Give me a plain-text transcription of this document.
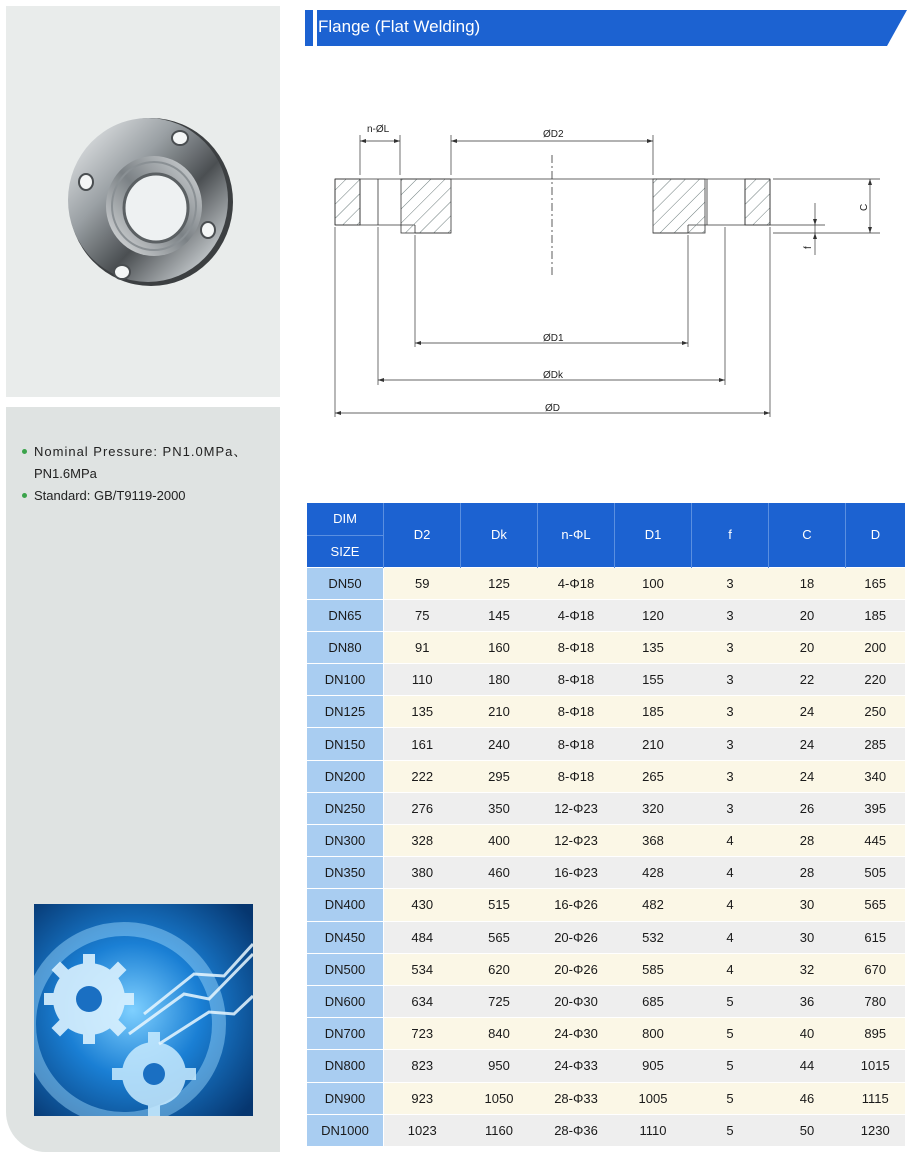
Flange (Flat Welding)
n-ØL	ØD2
ØD1
ØDk
ØD
C
f
Nominal Pressure: PN1.0MPa、
PN1.6MPa
Standard: GB/T9119-2000
DIM	D2	Dk	n-ΦL	D1	f	C	D
SIZE							
DN50	59	125	4-Φ18	100	3	18	165
DN65	75	145	4-Φ18	120	3	20	185
DN80	91	160	8-Φ18	135	3	20	200
DN100	110	180	8-Φ18	155	3	22	220
DN125	135	210	8-Φ18	185	3	24	250
DN150	161	240	8-Φ18	210	3	24	285
DN200	222	295	8-Φ18	265	3	24	340
DN250	276	350	12-Φ23	320	3	26	395
DN300	328	400	12-Φ23	368	4	28	445
DN350	380	460	16-Φ23	428	4	28	505
DN400	430	515	16-Φ26	482	4	30	565
DN450	484	565	20-Φ26	532	4	30	615
DN500	534	620	20-Φ26	585	4	32	670
DN600	634	725	20-Φ30	685	5	36	780
DN700	723	840	24-Φ30	800	5	40	895
DN800	823	950	24-Φ33	905	5	44	1015
DN900	923	1050	28-Φ33	1005	5	46	1115
DN1000	1023	1160	28-Φ36	1110	5	50	1230
